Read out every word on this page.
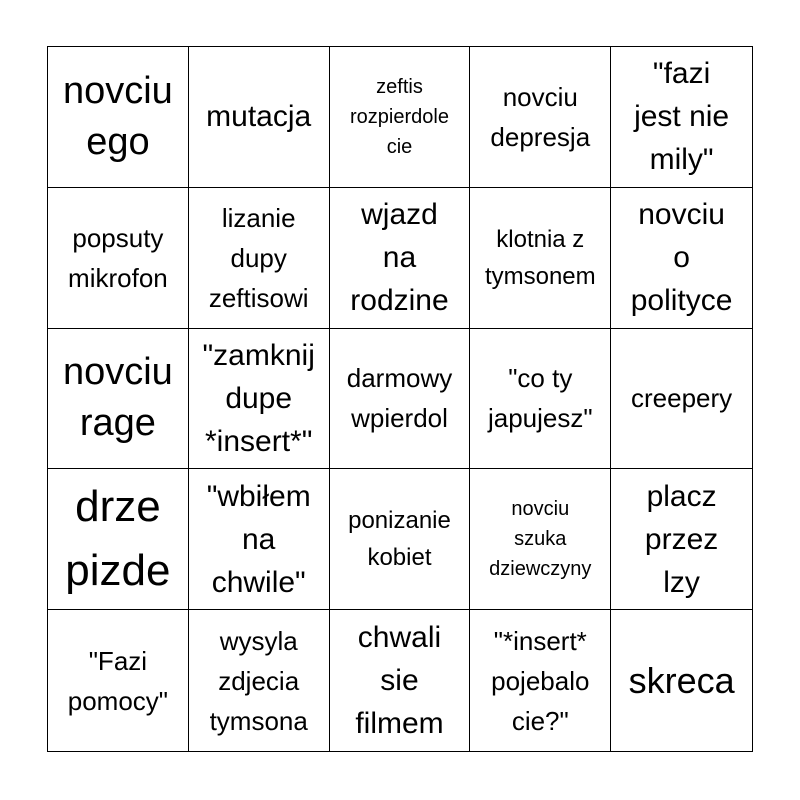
novciu
ego
mutacja
zeftis
rozpierdole
cie
novciu
depresja
"fazi
jest nie
mily"
popsuty
mikrofon
lizanie
dupy
zeftisowi
wjazd
na
rodzine
klotnia z
tymsonem
novciu
o
polityce
novciu
rage
"zamknij
dupe
*insert*"
darmowy
wpierdol
"co ty
japujesz"
creepery
drze
pizde
"wbiłem
na
chwile"
ponizanie
kobiet
novciu
szuka
dziewczyny
placz
przez
lzy
"Fazi
pomocy"
wysyla
zdjecia
tymsona
chwali
sie
filmem
"*insert*
pojebalo
cie?"
skreca
